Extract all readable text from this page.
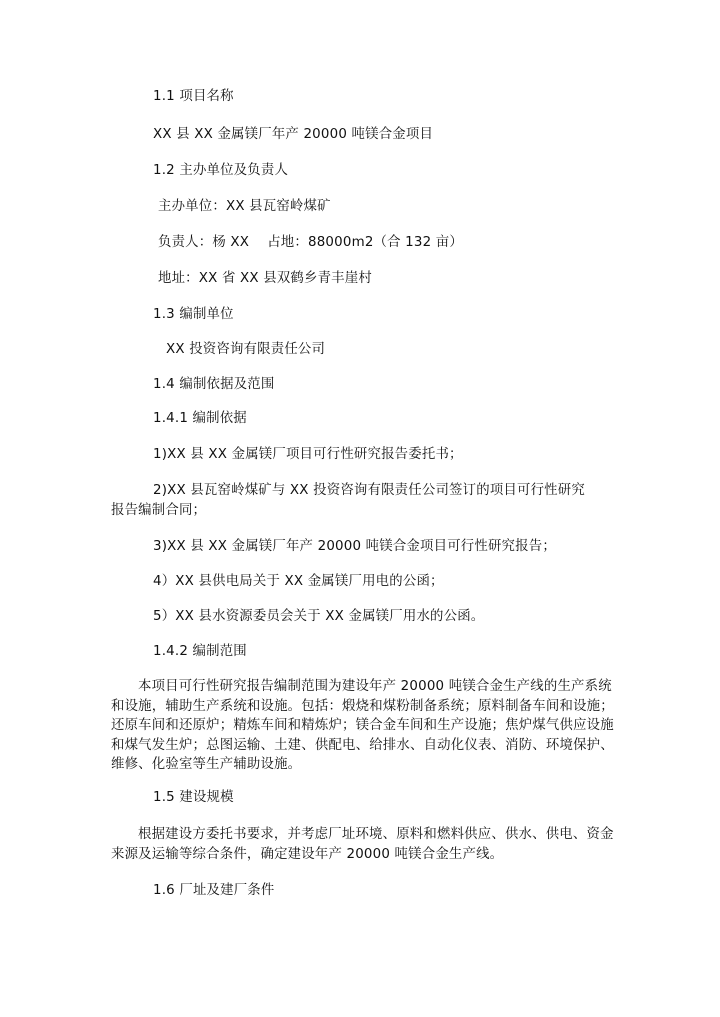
1.1 项目名称
XX 县 XX 金属镁厂年产 20000 吨镁合金项目
1.2 主办单位及负责人
主办单位：XX 县瓦窑岭煤矿
负责人：杨 XX　 占地：88000m2（合 132 亩）
地址：XX 省 XX 县双鹤乡青丰崖村
1.3 编制单位
XX 投资咨询有限责任公司
1.4 编制依据及范围
1.4.1 编制依据
1)XX 县 XX 金属镁厂项目可行性研究报告委托书；
2)XX 县瓦窑岭煤矿与 XX 投资咨询有限责任公司签订的项目可行性研究
报告编制合同；
3)XX 县 XX 金属镁厂年产 20000 吨镁合金项目可行性研究报告；
4）XX 县供电局关于 XX 金属镁厂用电的公函；
5）XX 县水资源委员会关于 XX 金属镁厂用水的公函。
1.4.2 编制范围
本项目可行性研究报告编制范围为建设年产 20000 吨镁合金生产线的生产系统和设施，辅助生产系统和设施。包括：煅烧和煤粉制备系统；原料制备车间和设施；还原车间和还原炉；精炼车间和精炼炉；镁合金车间和生产设施；焦炉煤气供应设施和煤气发生炉；总图运输、土建、供配电、给排水、自动化仪表、消防、环境保护、维修、化验室等生产辅助设施。
1.5 建设规模
根据建设方委托书要求，并考虑厂址环境、原料和燃料供应、供水、供电、资金来源及运输等综合条件，确定建设年产 20000 吨镁合金生产线。
1.6 厂址及建厂条件
